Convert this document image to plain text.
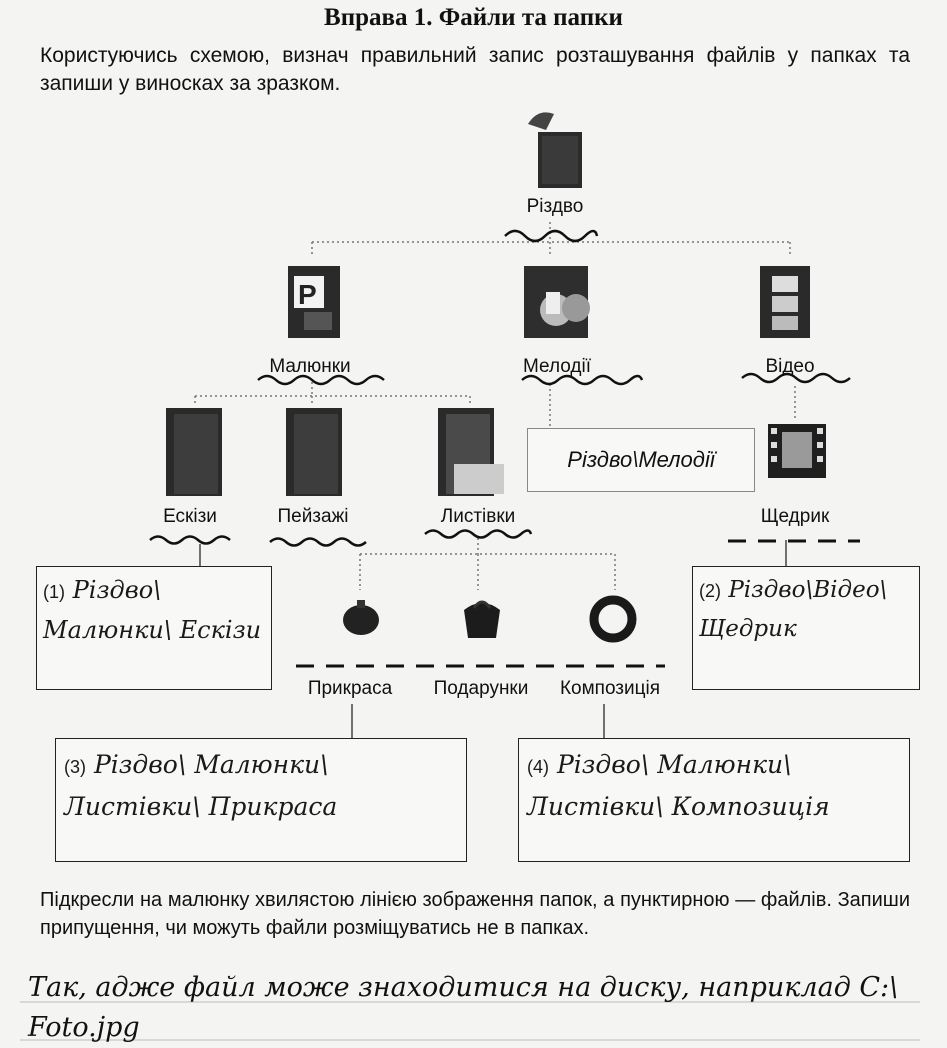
Вправа 1. Файли та папки
Користуючись схемою, визнач правильний запис розташування файлів у папках та запиши у виносках за зразком.
Різдво
P
Малюнки	Мелодії	Відео
Ескізи	Пейзажі	Листівки
Різдво\Мелодії
Щедрик
Прикраса	Подарунки	Композиція
(1) Різдво\ Малюнки\ Ескізи
(2) Різдво\Відео\ Щедрик
(3) Різдво\ Малюнки\ Листівки\ Прикраса
(4) Різдво\ Малюнки\ Листівки\ Композиція
Підкресли на малюнку хвилястою лінією зображення папок, а пунктирною — файлів. Запиши припущення, чи можуть файли розміщуватись не в папках.
Так, адже файл може знаходитися на диску, наприклад C:\ Foto.jpg
